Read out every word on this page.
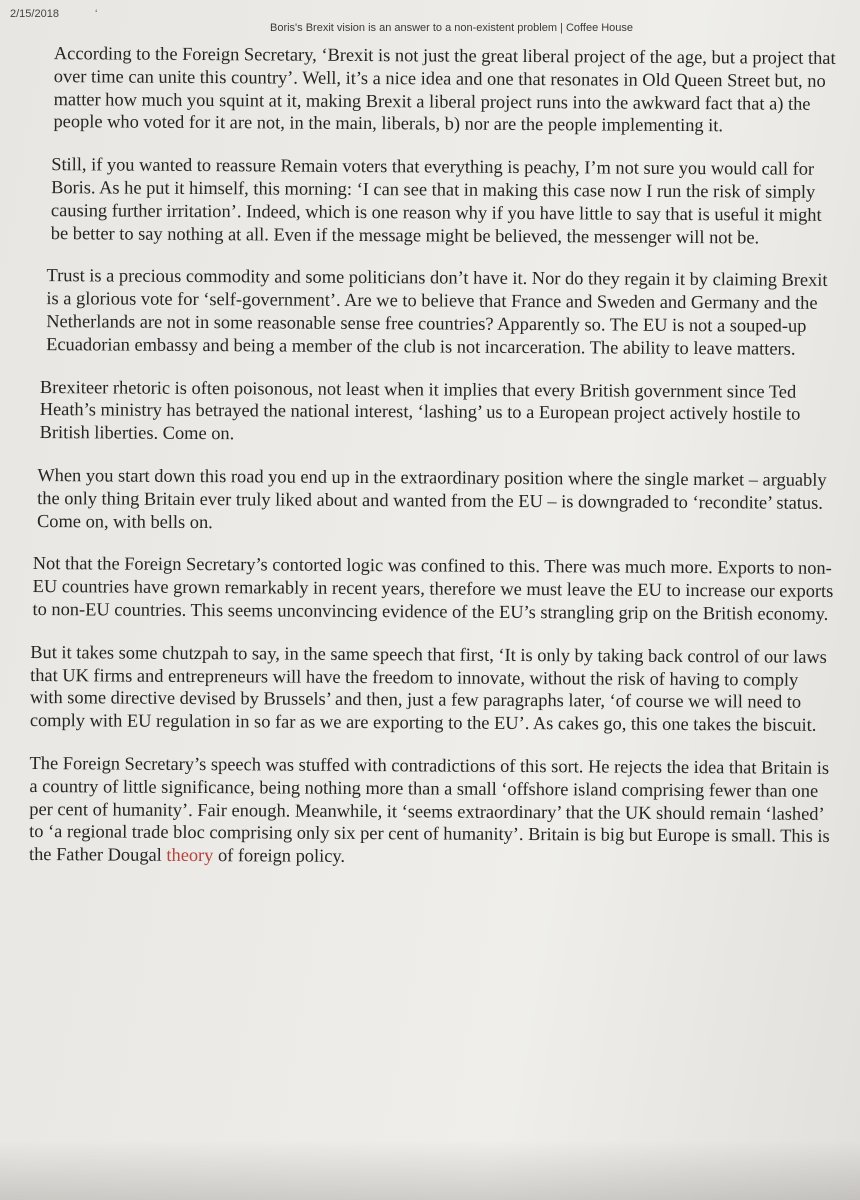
2/15/2018	‘
Boris's Brexit vision is an answer to a non-existent problem | Coffee House

According to the Foreign Secretary, ‘Brexit is not just the great liberal project of the age, but a project that over time can unite this country’. Well, it’s a nice idea and one that resonates in Old Queen Street but, no matter how much you squint at it, making Brexit a liberal project runs into the awkward fact that a) the people who voted for it are not, in the main, liberals, b) nor are the people implementing it.

Still, if you wanted to reassure Remain voters that everything is peachy, I’m not sure you would call for Boris. As he put it himself, this morning: ‘I can see that in making this case now I run the risk of simply causing further irritation’. Indeed, which is one reason why if you have little to say that is useful it might be better to say nothing at all. Even if the message might be believed, the messenger will not be.

Trust is a precious commodity and some politicians don’t have it. Nor do they regain it by claiming Brexit is a glorious vote for ‘self-government’. Are we to believe that France and Sweden and Germany and the Netherlands are not in some reasonable sense free countries? Apparently so. The EU is not a souped-up Ecuadorian embassy and being a member of the club is not incarceration. The ability to leave matters.

Brexiteer rhetoric is often poisonous, not least when it implies that every British government since Ted Heath’s ministry has betrayed the national interest, ‘lashing’ us to a European project actively hostile to British liberties. Come on.

When you start down this road you end up in the extraordinary position where the single market – arguably the only thing Britain ever truly liked about and wanted from the EU – is downgraded to ‘recondite’ status. Come on, with bells on.

Not that the Foreign Secretary’s contorted logic was confined to this. There was much more. Exports to non-EU countries have grown remarkably in recent years, therefore we must leave the EU to increase our exports to non-EU countries. This seems unconvincing evidence of the EU’s strangling grip on the British economy.

But it takes some chutzpah to say, in the same speech that first, ‘It is only by taking back control of our laws that UK firms and entrepreneurs will have the freedom to innovate, without the risk of having to comply with some directive devised by Brussels’ and then, just a few paragraphs later, ‘of course we will need to comply with EU regulation in so far as we are exporting to the EU’. As cakes go, this one takes the biscuit.

The Foreign Secretary’s speech was stuffed with contradictions of this sort. He rejects the idea that Britain is a country of little significance, being nothing more than a small ‘offshore island comprising fewer than one per cent of humanity’. Fair enough. Meanwhile, it ‘seems extraordinary’ that the UK should remain ‘lashed’ to ‘a regional trade bloc comprising only six per cent of humanity’. Britain is big but Europe is small. This is the Father Dougal theory of foreign policy.
